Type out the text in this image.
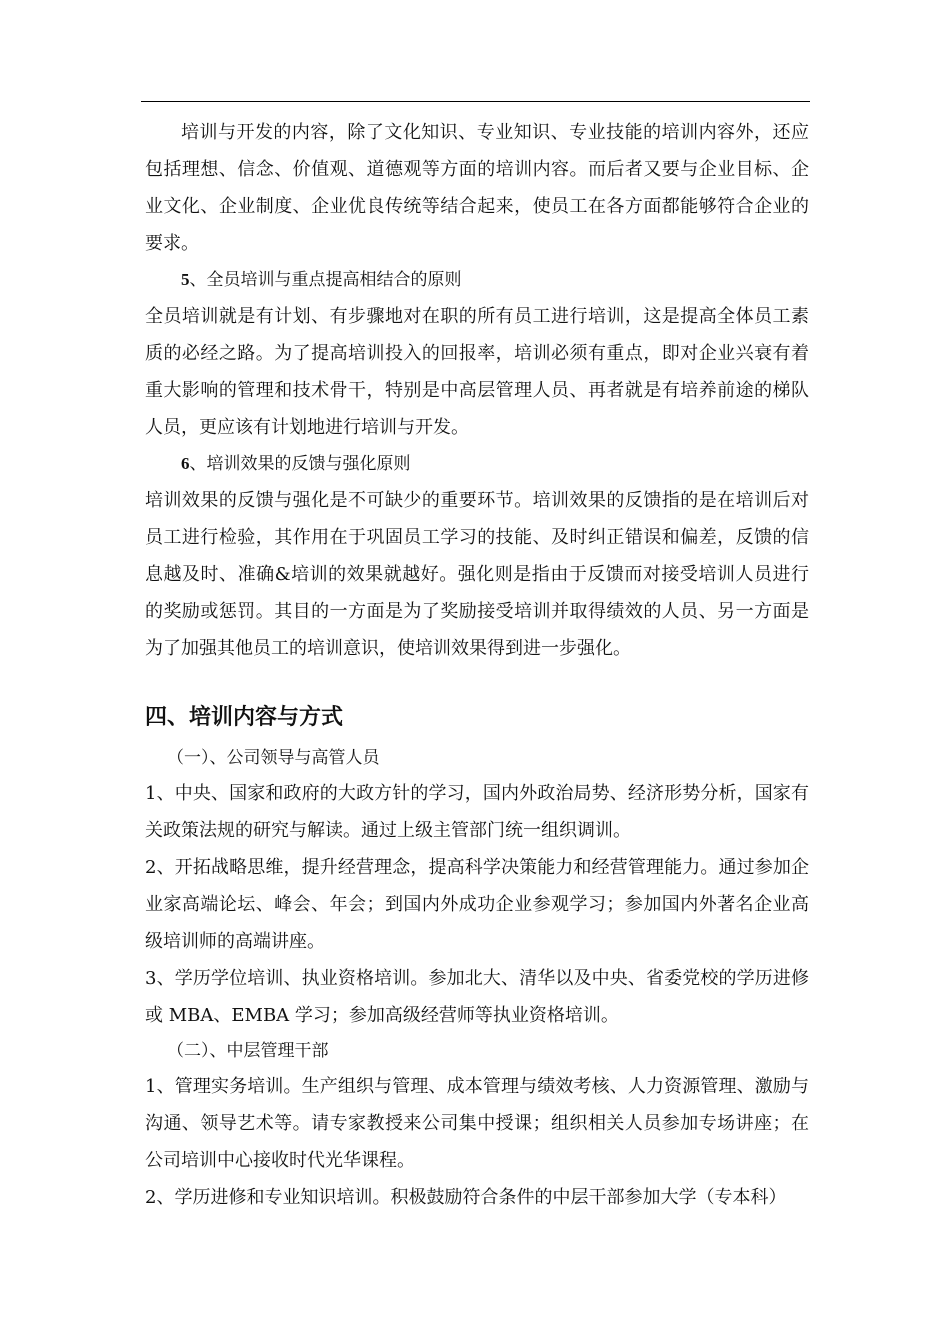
培训与开发的内容，除了文化知识、专业知识、专业技能的培训内容外，还应包括理想、信念、价值观、道德观等方面的培训内容。而后者又要与企业目标、企业文化、企业制度、企业优良传统等结合起来，使员工在各方面都能够符合企业的要求。

5、全员培训与重点提高相结合的原则

全员培训就是有计划、有步骤地对在职的所有员工进行培训，这是提高全体员工素质的必经之路。为了提高培训投入的回报率，培训必须有重点，即对企业兴衰有着重大影响的管理和技术骨干，特别是中高层管理人员、再者就是有培养前途的梯队人员，更应该有计划地进行培训与开发。

6、培训效果的反馈与强化原则

培训效果的反馈与强化是不可缺少的重要环节。培训效果的反馈指的是在培训后对员工进行检验，其作用在于巩固员工学习的技能、及时纠正错误和偏差，反馈的信息越及时、准确&培训的效果就越好。强化则是指由于反馈而对接受培训人员进行的奖励或惩罚。其目的一方面是为了奖励接受培训并取得绩效的人员、另一方面是为了加强其他员工的培训意识，使培训效果得到进一步强化。

四、培训内容与方式

（一）、公司领导与高管人员

1、中央、国家和政府的大政方针的学习，国内外政治局势、经济形势分析，国家有关政策法规的研究与解读。通过上级主管部门统一组织调训。

2、开拓战略思维，提升经营理念，提高科学决策能力和经营管理能力。通过参加企业家高端论坛、峰会、年会；到国内外成功企业参观学习；参加国内外著名企业高级培训师的高端讲座。

3、学历学位培训、执业资格培训。参加北大、清华以及中央、省委党校的学历进修或 MBA、EMBA 学习；参加高级经营师等执业资格培训。

（二）、中层管理干部

1、管理实务培训。生产组织与管理、成本管理与绩效考核、人力资源管理、激励与沟通、领导艺术等。请专家教授来公司集中授课；组织相关人员参加专场讲座；在公司培训中心接收时代光华课程。

2、学历进修和专业知识培训。积极鼓励符合条件的中层干部参加大学（专本科）
